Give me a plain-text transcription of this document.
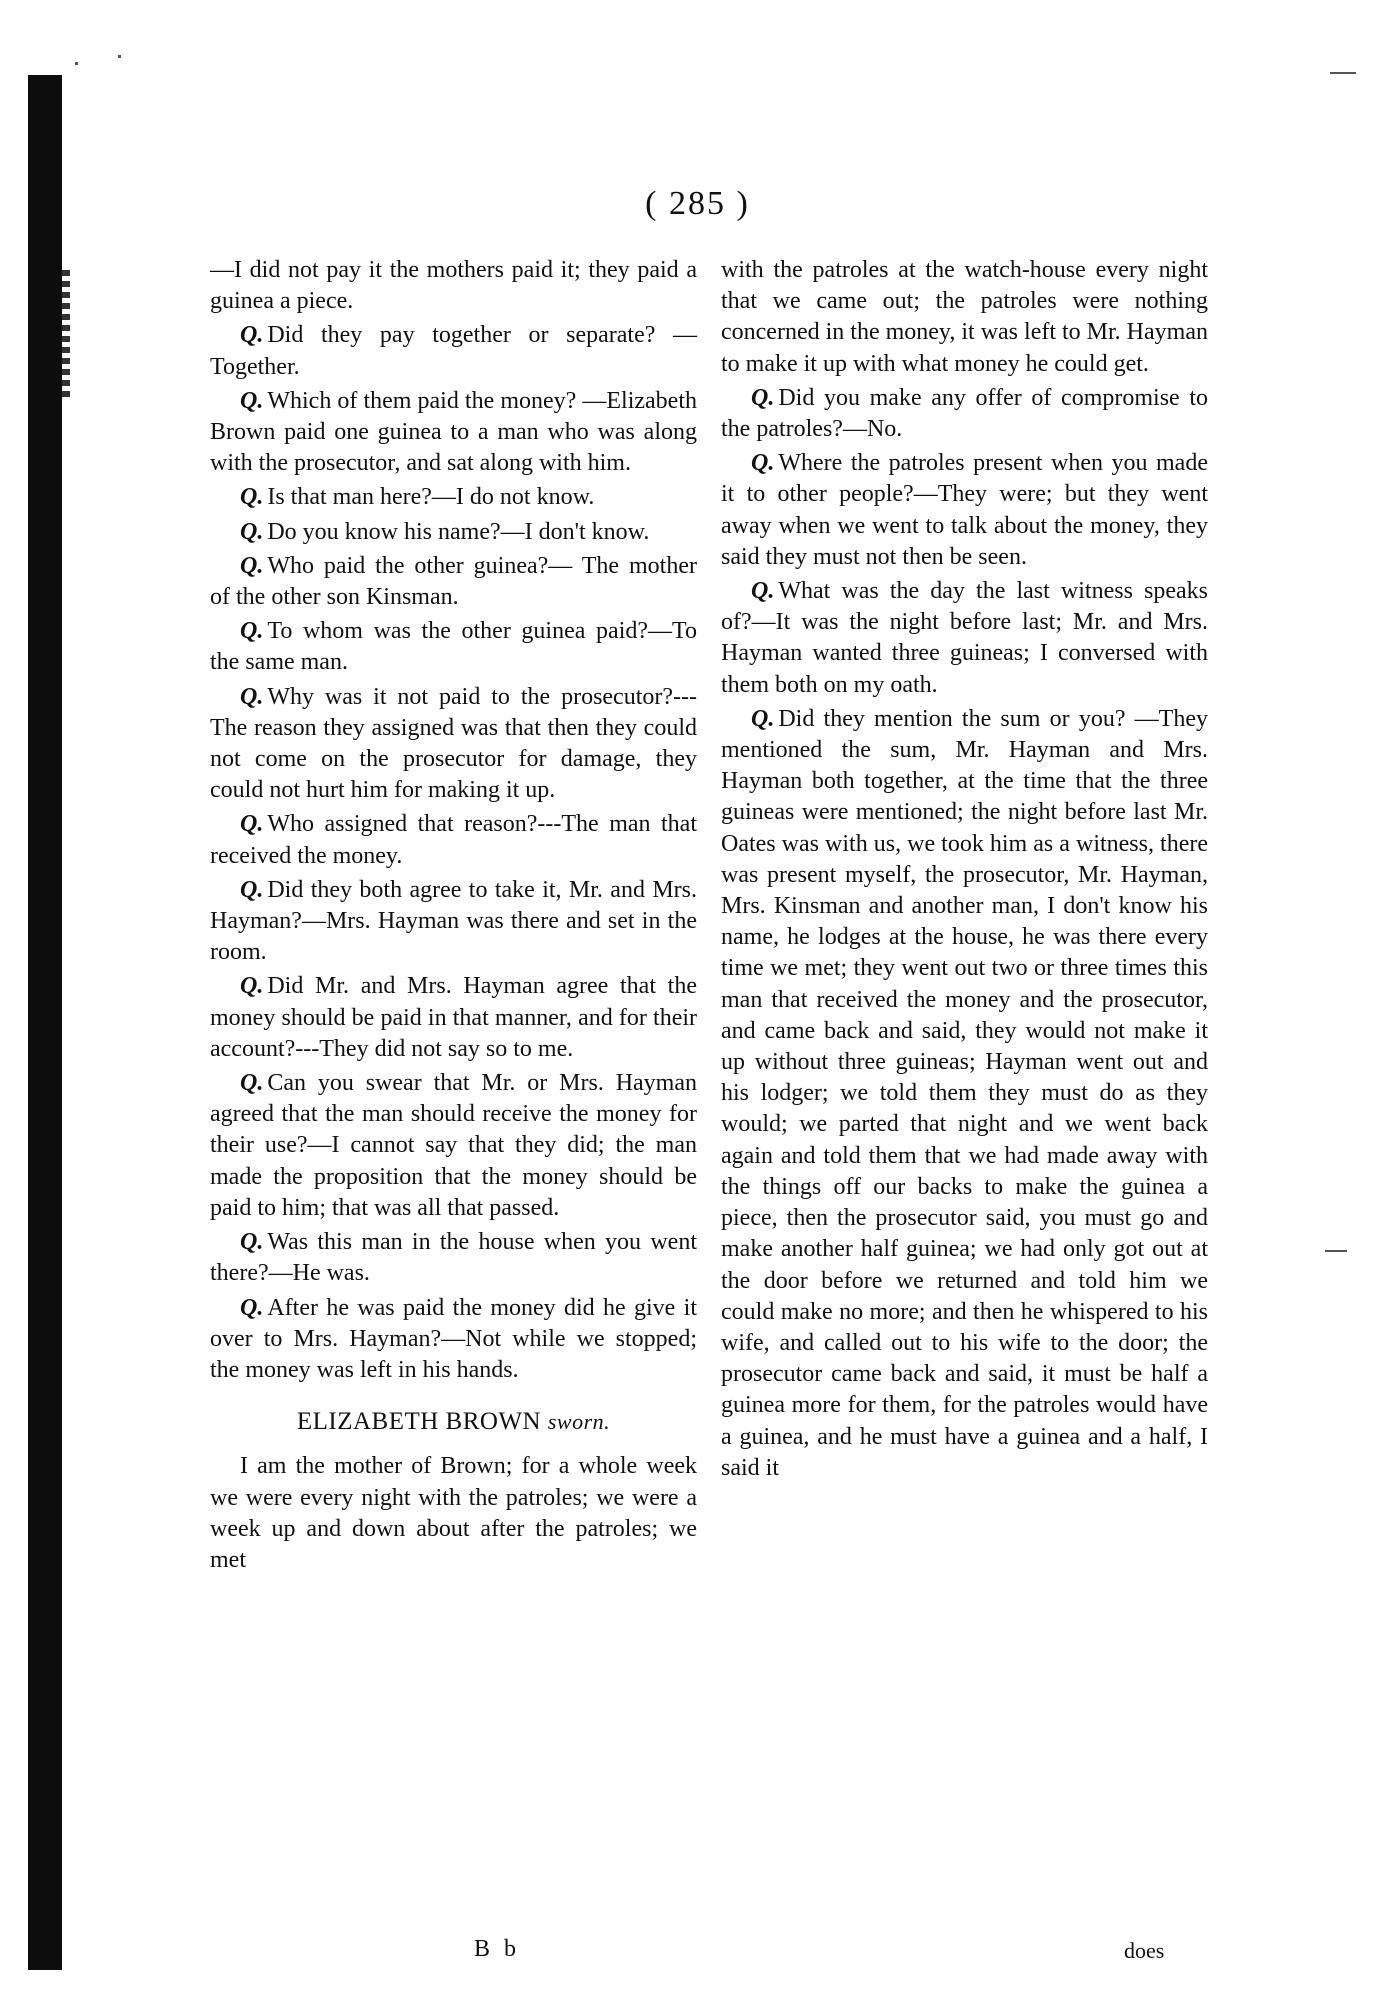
( 285 )

—I did not pay it the mothers paid it; they paid a guinea a piece.

Q. Did they pay together or separate? —Together.

Q. Which of them paid the money? —Elizabeth Brown paid one guinea to a man who was along with the prosecutor, and sat along with him.

Q. Is that man here?—I do not know.

Q. Do you know his name?—I don't know.

Q. Who paid the other guinea?— The mother of the other son Kinsman.

Q. To whom was the other guinea paid?—To the same man.

Q. Why was it not paid to the prosecutor?---The reason they assigned was that then they could not come on the prosecutor for damage, they could not hurt him for making it up.

Q. Who assigned that reason?---The man that received the money.

Q. Did they both agree to take it, Mr. and Mrs. Hayman?—Mrs. Hayman was there and set in the room.

Q. Did Mr. and Mrs. Hayman agree that the money should be paid in that manner, and for their account?---They did not say so to me.

Q. Can you swear that Mr. or Mrs. Hayman agreed that the man should receive the money for their use?—I cannot say that they did; the man made the proposition that the money should be paid to him; that was all that passed.

Q. Was this man in the house when you went there?—He was.

Q. After he was paid the money did he give it over to Mrs. Hayman?—Not while we stopped; the money was left in his hands.

ELIZABETH BROWN sworn.

I am the mother of Brown; for a whole week we were every night with the patroles; we were a week up and down about after the patroles; we met

with the patroles at the watch-house every night that we came out; the patroles were nothing concerned in the money, it was left to Mr. Hayman to make it up with what money he could get.

Q. Did you make any offer of compromise to the patroles?—No.

Q. Where the patroles present when you made it to other people?—They were; but they went away when we went to talk about the money, they said they must not then be seen.

Q. What was the day the last witness speaks of?—It was the night before last; Mr. and Mrs. Hayman wanted three guineas; I conversed with them both on my oath.

Q. Did they mention the sum or you? —They mentioned the sum, Mr. Hayman and Mrs. Hayman both together, at the time that the three guineas were mentioned; the night before last Mr. Oates was with us, we took him as a witness, there was present myself, the prosecutor, Mr. Hayman, Mrs. Kinsman and another man, I don't know his name, he lodges at the house, he was there every time we met; they went out two or three times this man that received the money and the prosecutor, and came back and said, they would not make it up without three guineas; Hayman went out and his lodger; we told them they must do as they would; we parted that night and we went back again and told them that we had made away with the things off our backs to make the guinea a piece, then the prosecutor said, you must go and make another half guinea; we had only got out at the door before we returned and told him we could make no more; and then he whispered to his wife, and called out to his wife to the door; the prosecutor came back and said, it must be half a guinea more for them, for the patroles would have a guinea, and he must have a guinea and a half, I said it

B b	does
